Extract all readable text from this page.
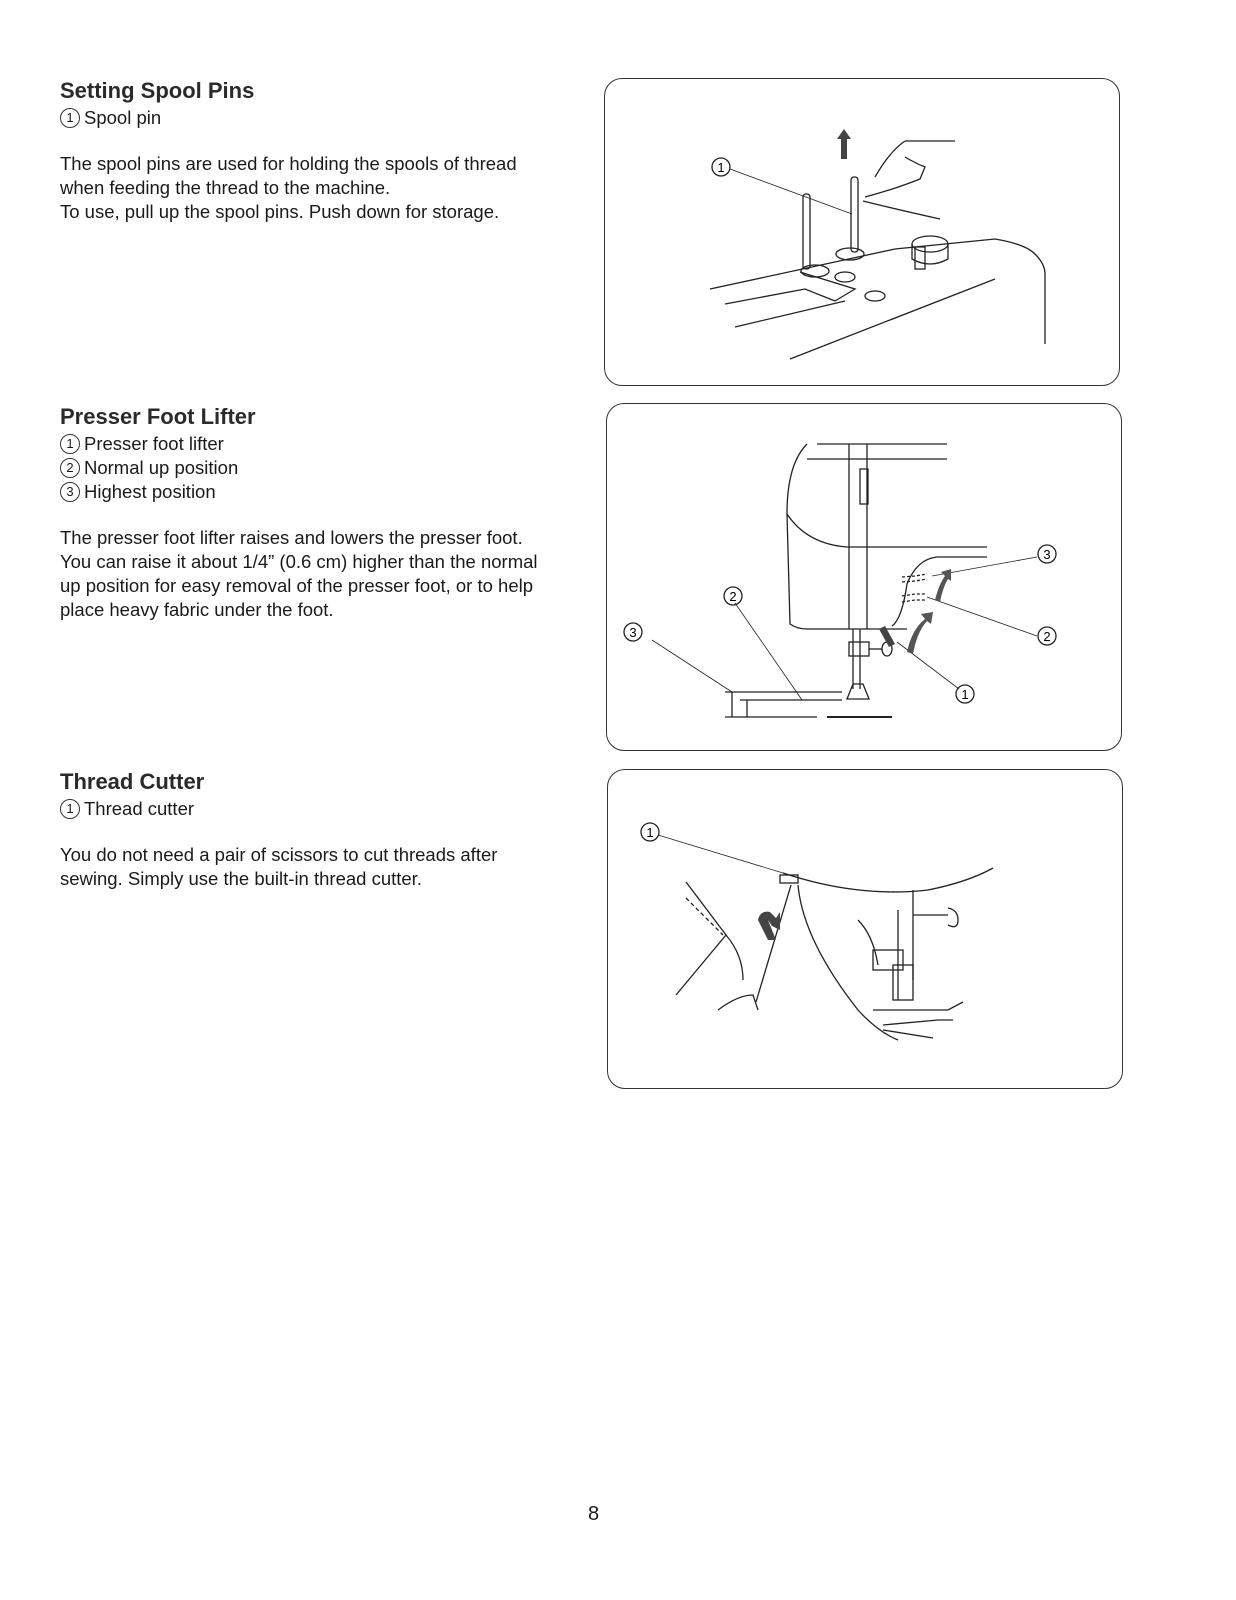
Setting Spool Pins
1 Spool pin

The spool pins are used for holding the spools of thread

when feeding the thread to the machine.

To use, pull up the spool pins. Push down for storage.

1
Presser Foot Lifter
1 Presser foot lifter
2 Normal up position
3 Highest position

The presser foot lifter raises and lowers the presser foot.

You can raise it about 1/4” (0.6 cm) higher than the normal

up position for easy removal of the presser foot, or to help

place heavy fabric under the foot.

3
2
3
2
1
Thread Cutter
1 Thread cutter

You do not need a pair of scissors to cut threads after

sewing. Simply use the built-in thread cutter.

1
8
